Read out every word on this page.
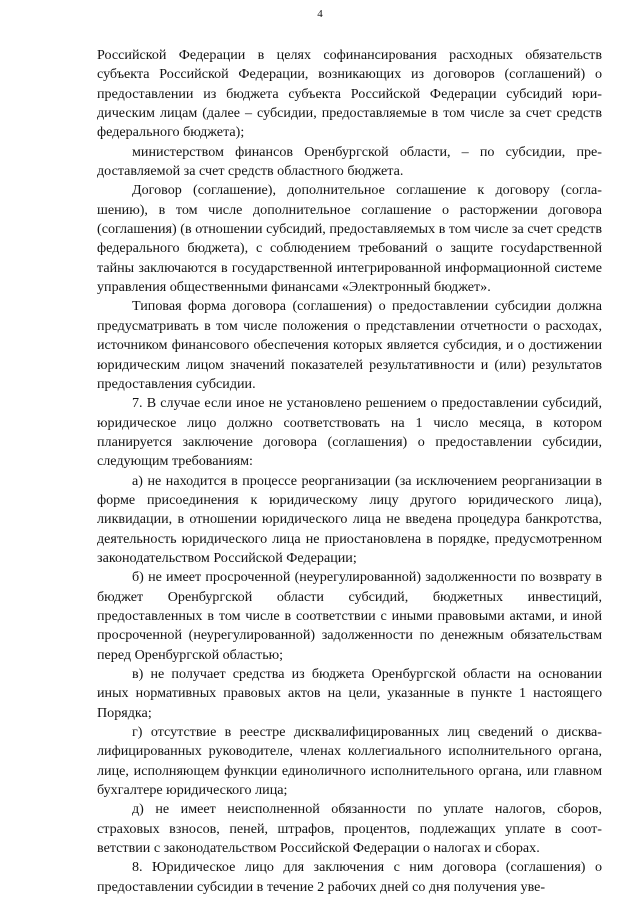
4

Российской Федерации в целях софинансирования расходных обязательств субъекта Российской Федерации, возникающих из договоров (соглашений) о предоставлении из бюджета субъекта Российской Федерации субсидий юридическим лицам (далее – субсидии, предоставляемые в том числе за счет средств федерального бюджета);

министерством финансов Оренбургской области, – по субсидии, предоставляемой за счет средств областного бюджета.

Договор (соглашение), дополнительное соглашение к договору (соглашению), в том числе дополнительное соглашение о расторжении договора (соглашения) (в отношении субсидий, предоставляемых в том числе за счет средств федерального бюджета), с соблюдением требований о защите госуdарственной тайны заключаются в государственной интегрированной информационной системе управления общественными финансами «Электронный бюджет».

Типовая форма договора (соглашения) о предоставлении субсидии должна предусматривать в том числе положения о представлении отчетности о расходах, источником финансового обеспечения которых является субсидия, и о достижении юридическим лицом значений показателей результативности и (или) результатов предоставления субсидии.

7. В случае если иное не установлено решением о предоставлении субсидий, юридическое лицо должно соответствовать на 1 число месяца, в котором планируется заключение договора (соглашения) о предоставлении субсидии, следующим требованиям:

а) не находится в процессе реорганизации (за исключением реорганизации в форме присоединения к юридическому лицу другого юридического лица), ликвидации, в отношении юридического лица не введена процедура банкротства, деятельность юридического лица не приостановлена в порядке, предусмотренном законодательством Российской Федерации;

б) не имеет просроченной (неурегулированной) задолженности по возврату в бюджет Оренбургской области субсидий, бюджетных инвестиций, предоставленных в том числе в соответствии с иными правовыми актами, и иной просроченной (неурегулированной) задолженности по денежным обязательствам перед Оренбургской областью;

в) не получает средства из бюджета Оренбургской области на основании иных нормативных правовых актов на цели, указанные в пункте 1 настоящего Порядка;

г) отсутствие в реестре дисквалифицированных лиц сведений о дисквалифицированных руководителе, членах коллегиального исполнительного органа, лице, исполняющем функции единоличного исполнительного органа, или главном бухгалтере юридического лица;

д) не имеет неисполненной обязанности по уплате налогов, сборов, страховых взносов, пеней, штрафов, процентов, подлежащих уплате в соответствии с законодательством Российской Федерации о налогах и сборах.

8. Юридическое лицо для заключения с ним договора (соглашения) о предоставлении субсидии в течение 2 рабочих дней со дня получения уве-
